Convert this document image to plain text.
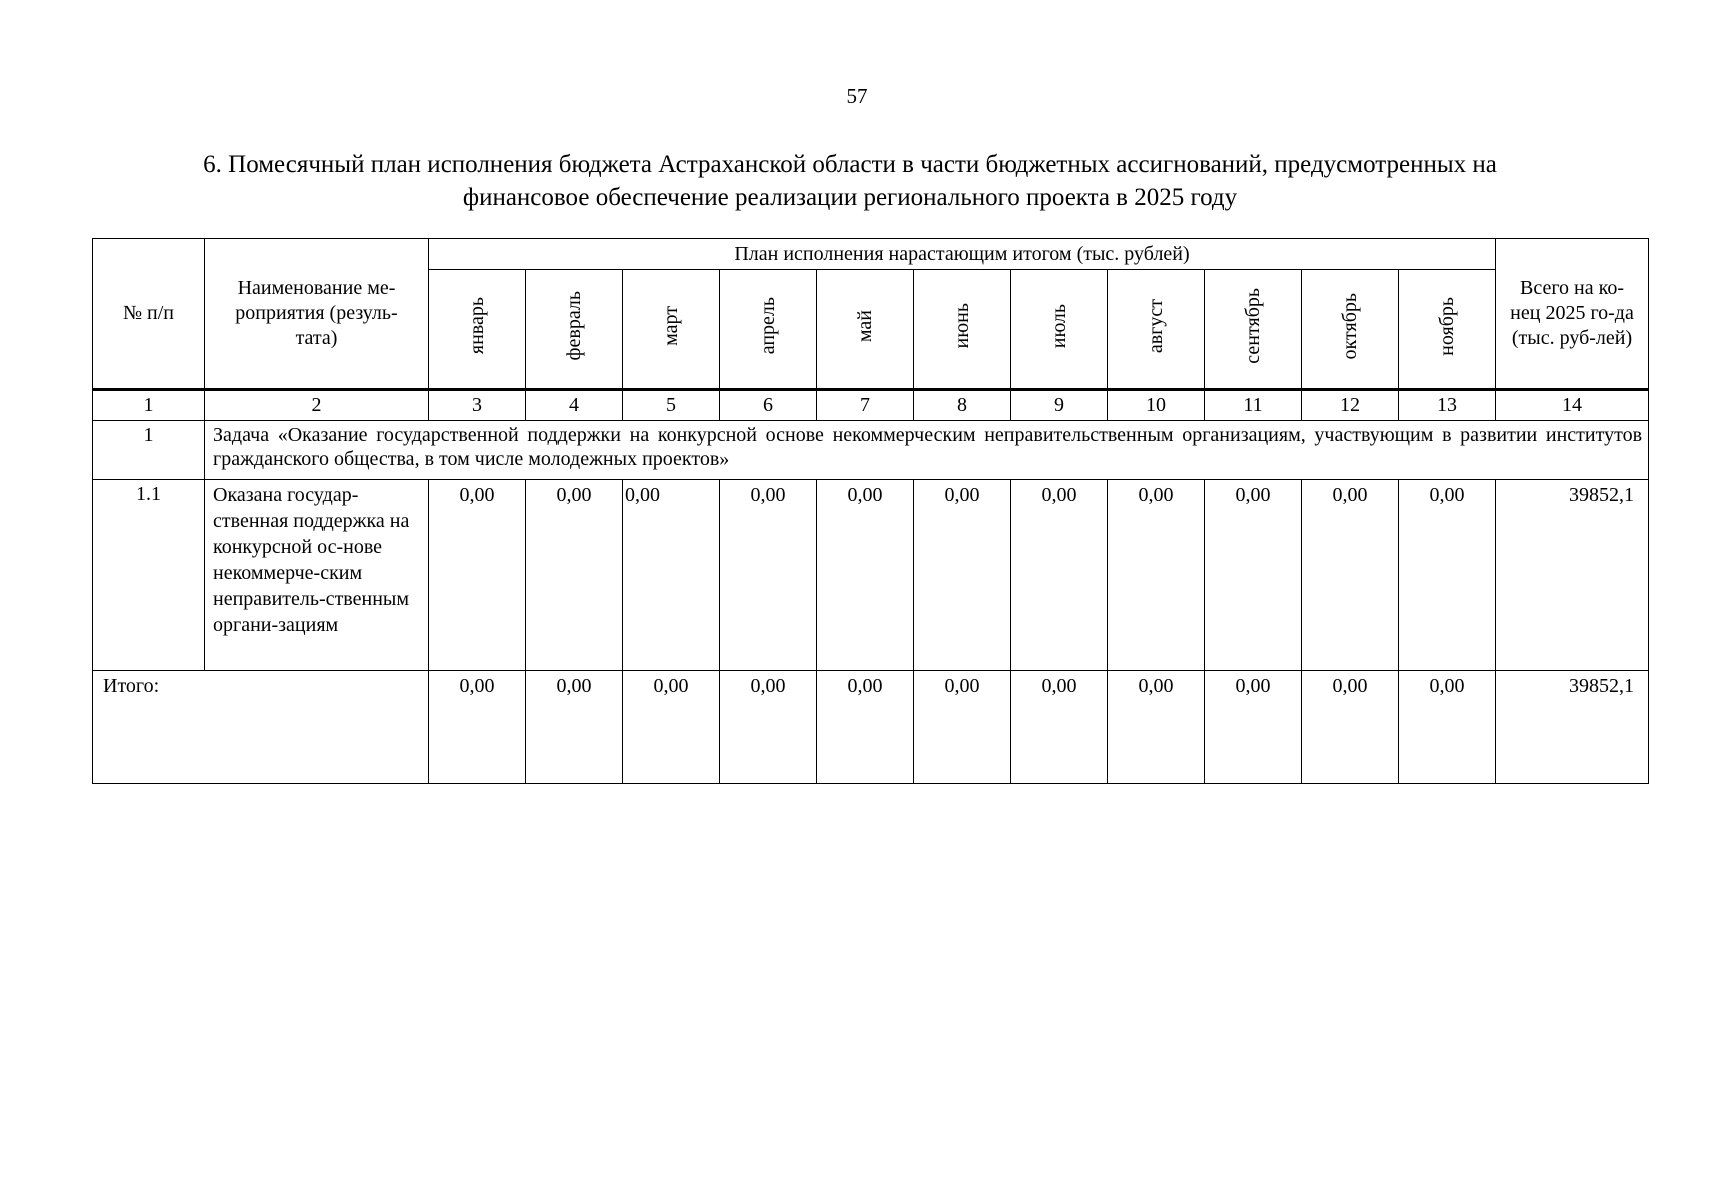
57
6. Помесячный план исполнения бюджета Астраханской области в части бюджетных ассигнований, предусмотренных на
финансовое обеспечение реализации регионального проекта в 2025 году
№ п/п	Наименование ме-роприятия (резуль-тата)	План исполнения нарастающим итогом (тыс. рублей)											Всего на ко-нец 2025 го-да (тыс. руб-лей)
		январь	февраль	март	апрель	май	июнь	июль	август	сентябрь	октябрь	ноябрь	
1	2	3	4	5	6	7	8	9	10	11	12	13	14
1	Задача «Оказание государственной поддержки на конкурсной основе некоммерческим неправительственным организациям, участвующим в развитии институтов гражданского общества, в том числе молодежных проектов»												
1.1	Оказана государ-ственная поддержка на конкурсной ос-нове некоммерче-ским неправитель-ственным органи-зациям	0,00	0,00	0,00	0,00	0,00	0,00	0,00	0,00	0,00	0,00	0,00	39852,1
Итого:		0,00	0,00	0,00	0,00	0,00	0,00	0,00	0,00	0,00	0,00	0,00	39852,1
